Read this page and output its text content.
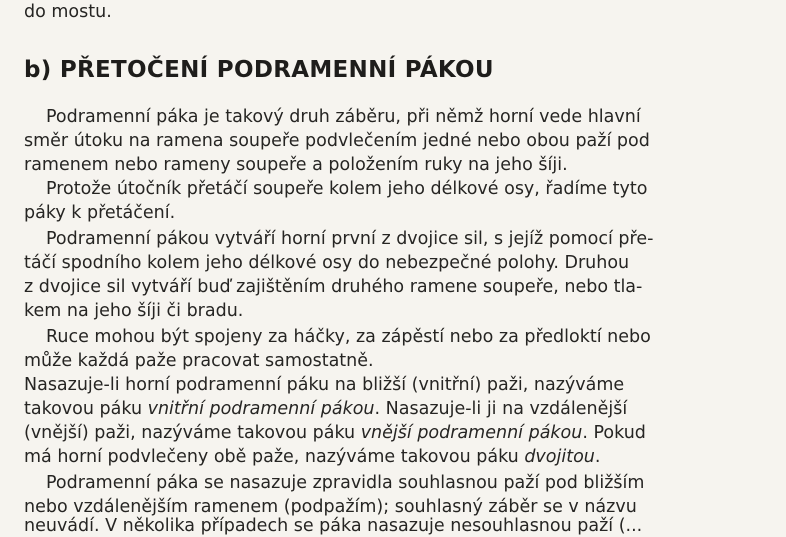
do mostu.
b) PŘETOČENÍ PODRAMENNÍ PÁKOU
Podramenní páka je takový druh záběru, při němž horní vede hlavní
směr útoku na ramena soupeře podvlečením jedné nebo obou paží pod
ramenem nebo rameny soupeře a položením ruky na jeho šíji.
Protože útočník přetáčí soupeře kolem jeho délkové osy, řadíme tyto
páky k přetáčení.
Podramenní pákou vytváří horní první z dvojice sil, s jejíž pomocí pře-
táčí spodního kolem jeho délkové osy do nebezpečné polohy. Druhou
z dvojice sil vytváří buď zajištěním druhého ramene soupeře, nebo tla-
kem na jeho šíji či bradu.
Ruce mohou být spojeny za háčky, za zápěstí nebo za předloktí nebo
může každá paže pracovat samostatně.
Nasazuje-li horní podramenní páku na bližší (vnitřní) paži, nazýváme
takovou páku vnitřní podramenní pákou. Nasazuje-li ji na vzdálenější
(vnější) paži, nazýváme takovou páku vnější podramenní pákou. Pokud
má horní podvlečeny obě paže, nazýváme takovou páku dvojitou.
Podramenní páka se nasazuje zpravidla souhlasnou paží pod bližším
nebo vzdálenějším ramenem (podpažím); souhlasný záběr se v názvu
neuvádí. V několika případech se páka nasazuje nesouhlasnou paží (...
